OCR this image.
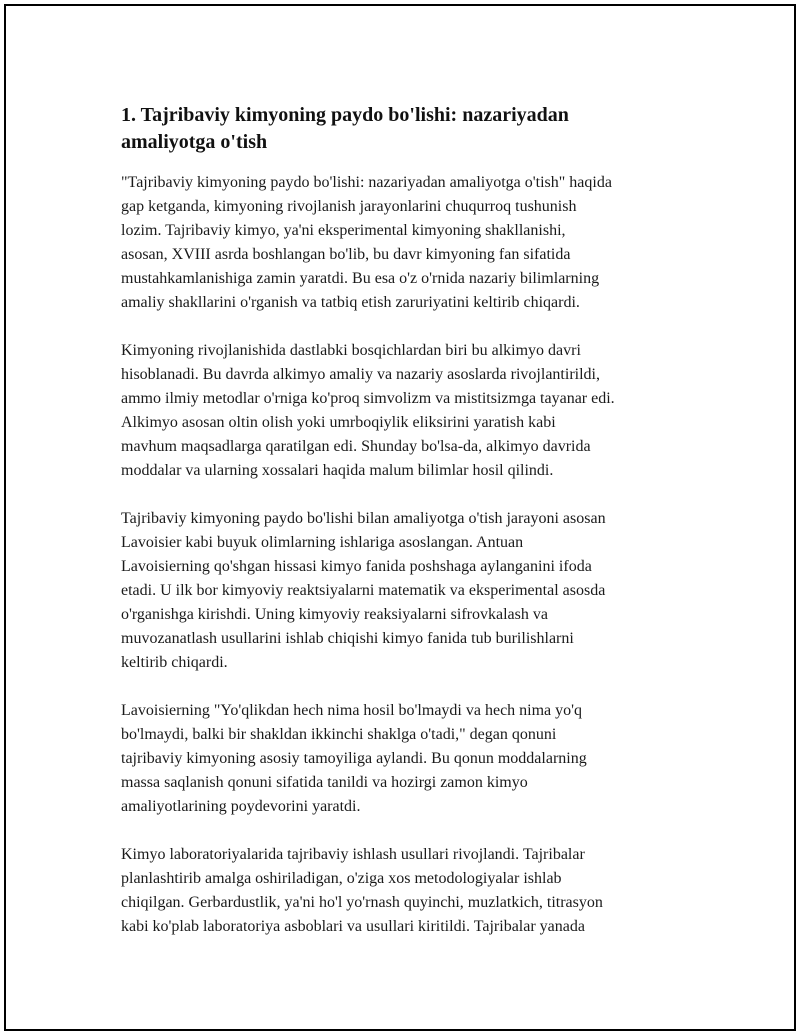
1. Tajribaviy kimyoning paydo bo'lishi: nazariyadan
amaliyotga o'tish

"Tajribaviy kimyoning paydo bo'lishi: nazariyadan amaliyotga o'tish" haqida
gap ketganda, kimyoning rivojlanish jarayonlarini chuqurroq tushunish
lozim. Tajribaviy kimyo, ya'ni eksperimental kimyoning shakllanishi,
asosan, XVIII asrda boshlangan bo'lib, bu davr kimyoning fan sifatida
mustahkamlanishiga zamin yaratdi. Bu esa o'z o'rnida nazariy bilimlarning
amaliy shakllarini o'rganish va tatbiq etish zaruriyatini keltirib chiqardi.

Kimyoning rivojlanishida dastlabki bosqichlardan biri bu alkimyo davri
hisoblanadi. Bu davrda alkimyo amaliy va nazariy asoslarda rivojlantirildi,
ammo ilmiy metodlar o'rniga ko'proq simvolizm va mistitsizmga tayanar edi.
Alkimyo asosan oltin olish yoki umrboqiylik eliksirini yaratish kabi
mavhum maqsadlarga qaratilgan edi. Shunday bo'lsa-da, alkimyo davrida
moddalar va ularning xossalari haqida malum bilimlar hosil qilindi.

Tajribaviy kimyoning paydo bo'lishi bilan amaliyotga o'tish jarayoni asosan
Lavoisier kabi buyuk olimlarning ishlariga asoslangan. Antuan
Lavoisierning qo'shgan hissasi kimyo fanida poshshaga aylanganini ifoda
etadi. U ilk bor kimyoviy reaktsiyalarni matematik va eksperimental asosda
o'rganishga kirishdi. Uning kimyoviy reaksiyalarni sifrovkalash va
muvozanatlash usullarini ishlab chiqishi kimyo fanida tub burilishlarni
keltirib chiqardi.

Lavoisierning "Yo'qlikdan hech nima hosil bo'lmaydi va hech nima yo'q
bo'lmaydi, balki bir shakldan ikkinchi shaklga o'tadi," degan qonuni
tajribaviy kimyoning asosiy tamoyiliga aylandi. Bu qonun moddalarning
massa saqlanish qonuni sifatida tanildi va hozirgi zamon kimyo
amaliyotlarining poydevorini yaratdi.

Kimyo laboratoriyalarida tajribaviy ishlash usullari rivojlandi. Tajribalar
planlashtirib amalga oshiriladigan, o'ziga xos metodologiyalar ishlab
chiqilgan. Gerbardustlik, ya'ni ho'l yo'rnash quyinchi, muzlatkich, titrasyon
kabi ko'plab laboratoriya asboblari va usullari kiritildi. Tajribalar yanada
